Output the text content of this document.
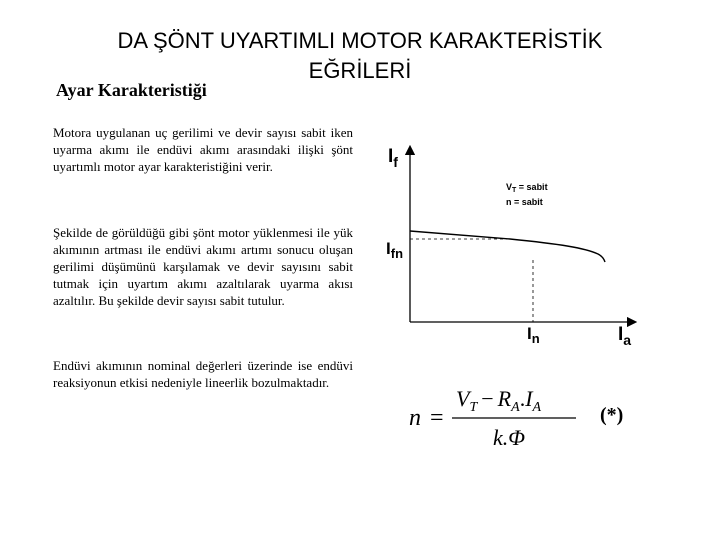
DA ŞÖNT UYARTIMLI MOTOR KARAKTERİSTİK
EĞRİLERİ
Ayar Karakteristiği
Motora uygulanan uç gerilimi ve devir sayısı sabit iken uyarma akımı ile endüvi akımı arasındaki ilişki şönt uyartımlı motor ayar karakteristiğini verir.
Şekilde de görüldüğü gibi şönt motor yüklenmesi ile yük akımının artması ile endüvi akımı artımı sonucu oluşan gerilimi düşümünü karşılamak ve devir sayısını sabit tutmak için uyartım akımı azaltılarak uyarma akısı azaltılır. Bu şekilde devir sayısı sabit tutulur.
Endüvi akımının nominal değerleri üzerinde ise endüvi reaksiyonun etkisi nedeniyle lineerlik bozulmaktadır.
$I_f$
$I_{fn}$
$I_n$	$I_a$
$V_T$ = sabit
n = sabit
n =
$V_T - R_A.I_A$
k.Φ
(*)
